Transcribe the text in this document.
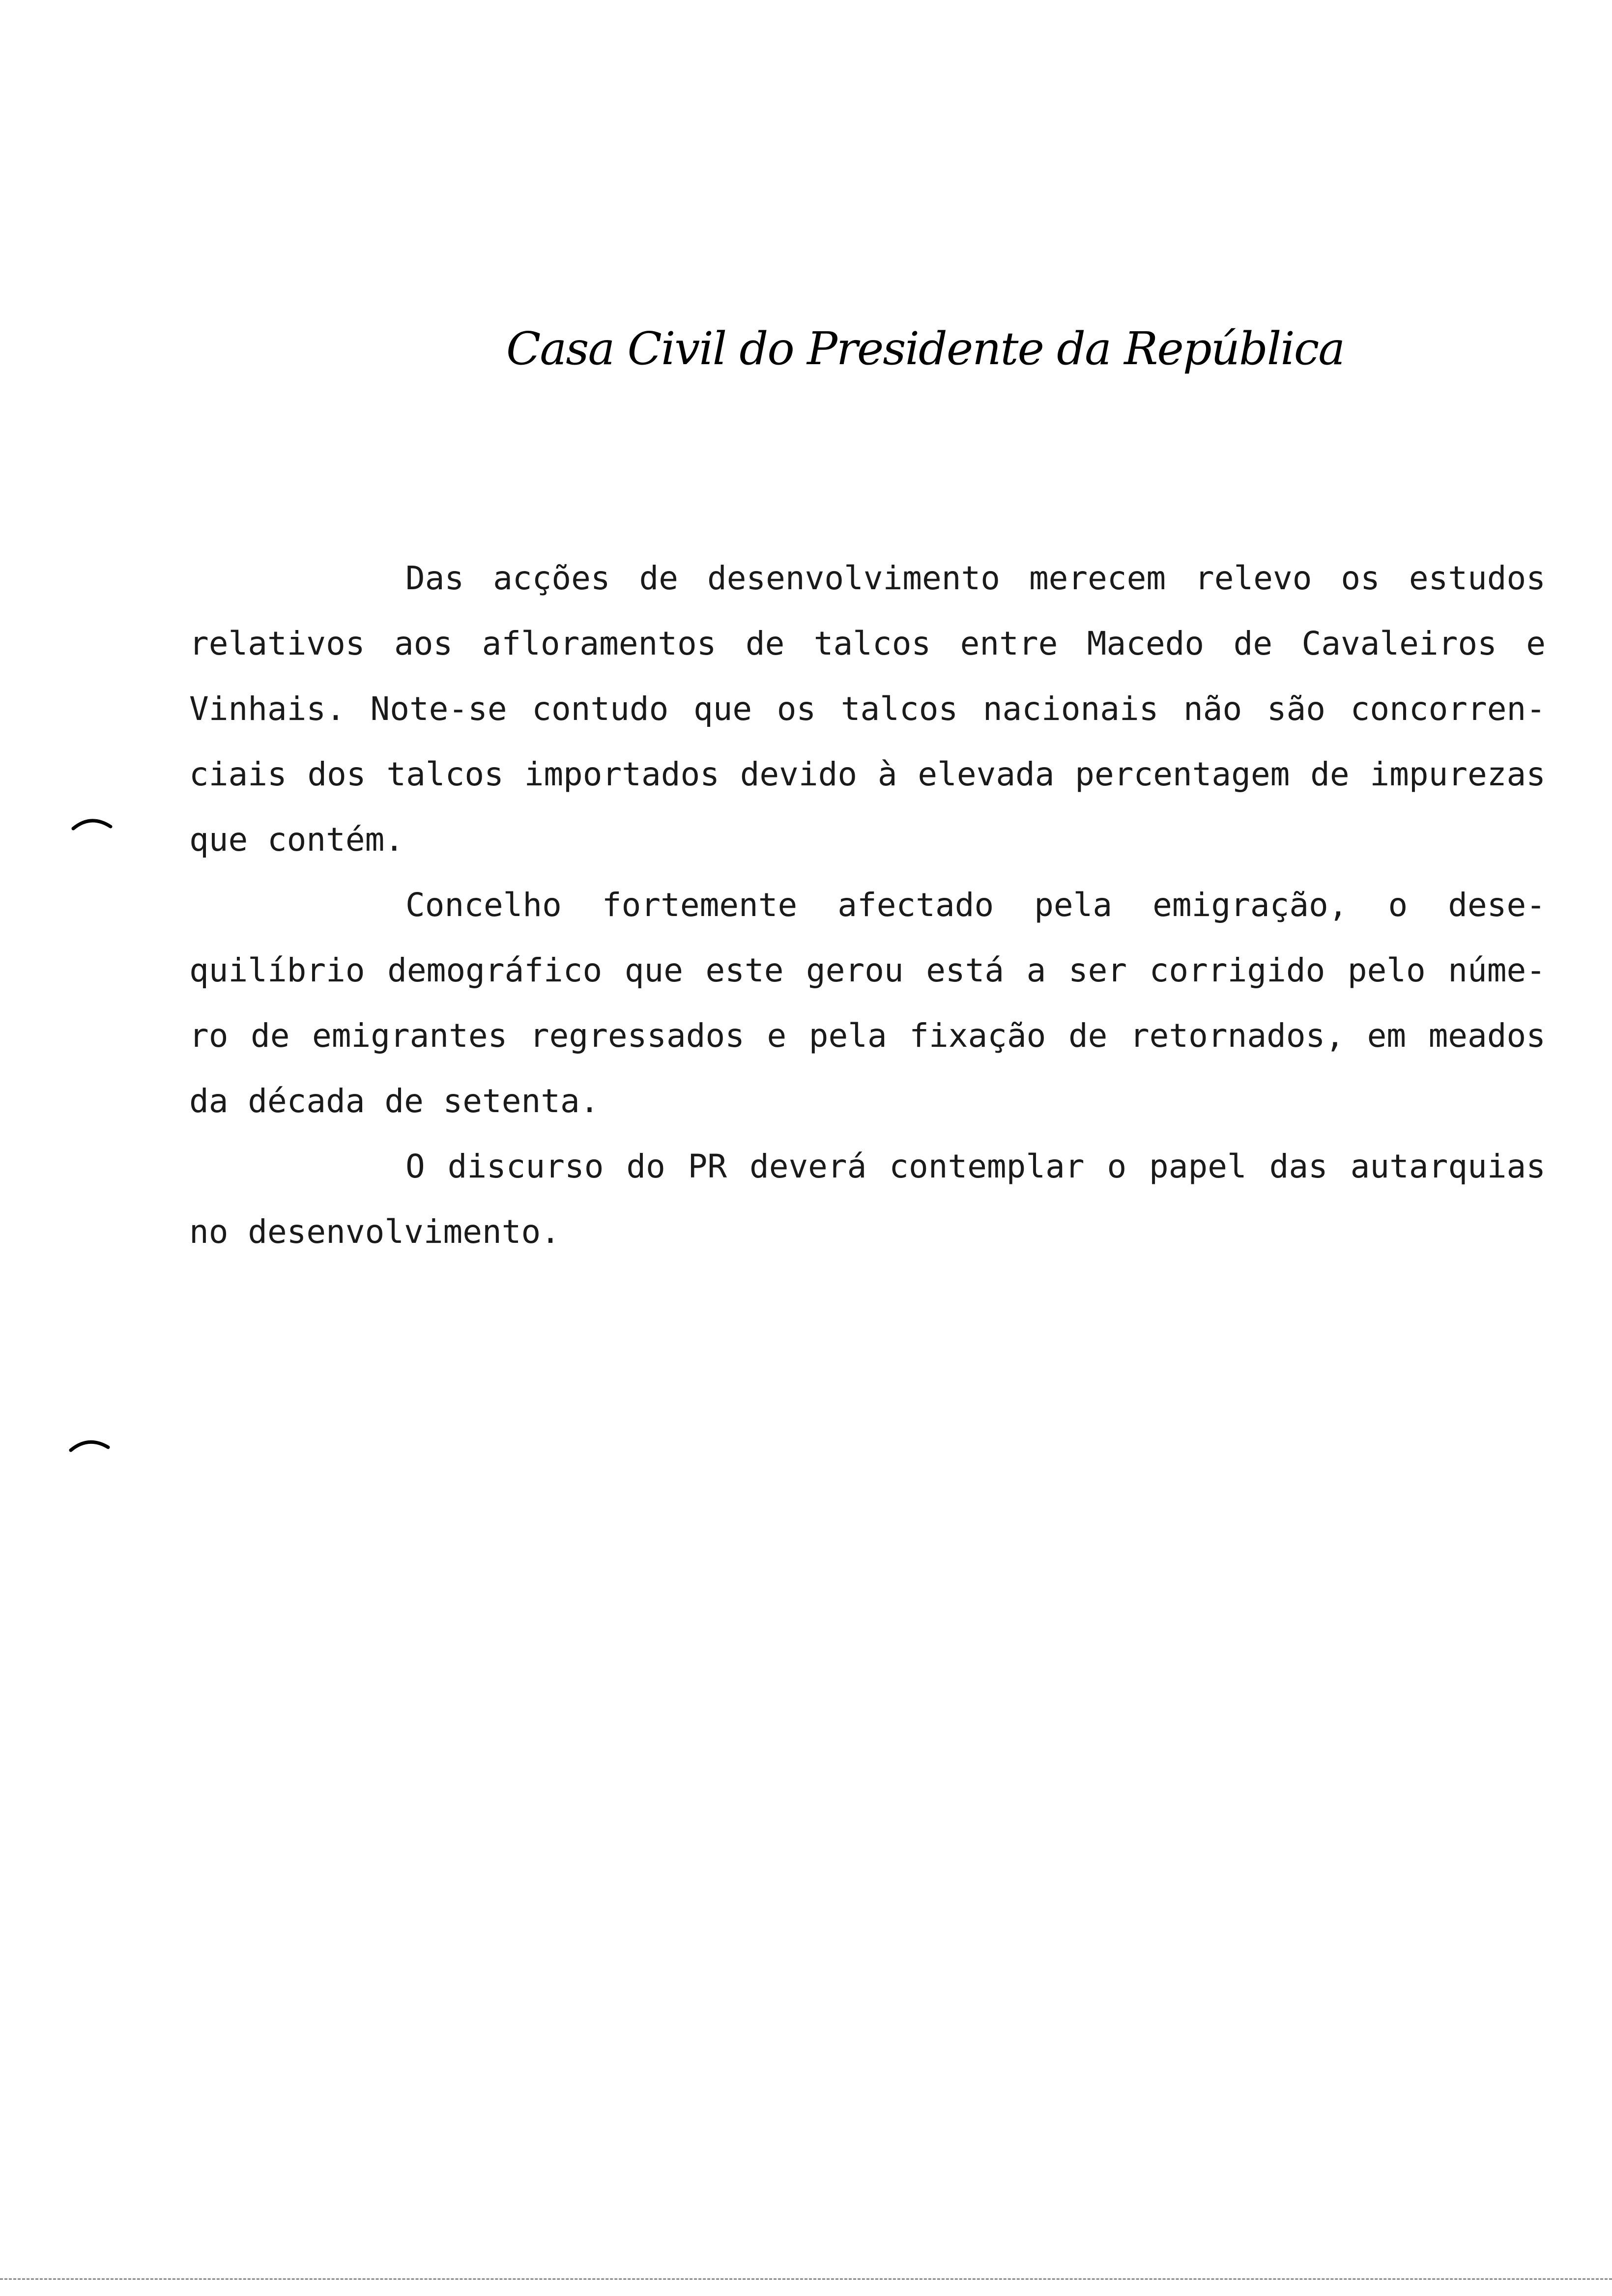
Casa Civil do Presidente da República
Das acções de desenvolvimento merecem relevo os estudos
relativos aos afloramentos de talcos entre Macedo de Cavaleiros e
Vinhais. Note-se contudo que os talcos nacionais não são concorren-
ciais dos talcos importados devido à elevada percentagem de impurezas
que contém.
Concelho fortemente afectado pela emigração, o dese-
quilíbrio demográfico que este gerou está a ser corrigido pelo núme-
ro de emigrantes regressados e pela fixação de retornados, em meados
da década de setenta.
O discurso do PR deverá contemplar o papel das autarquias
no desenvolvimento.
